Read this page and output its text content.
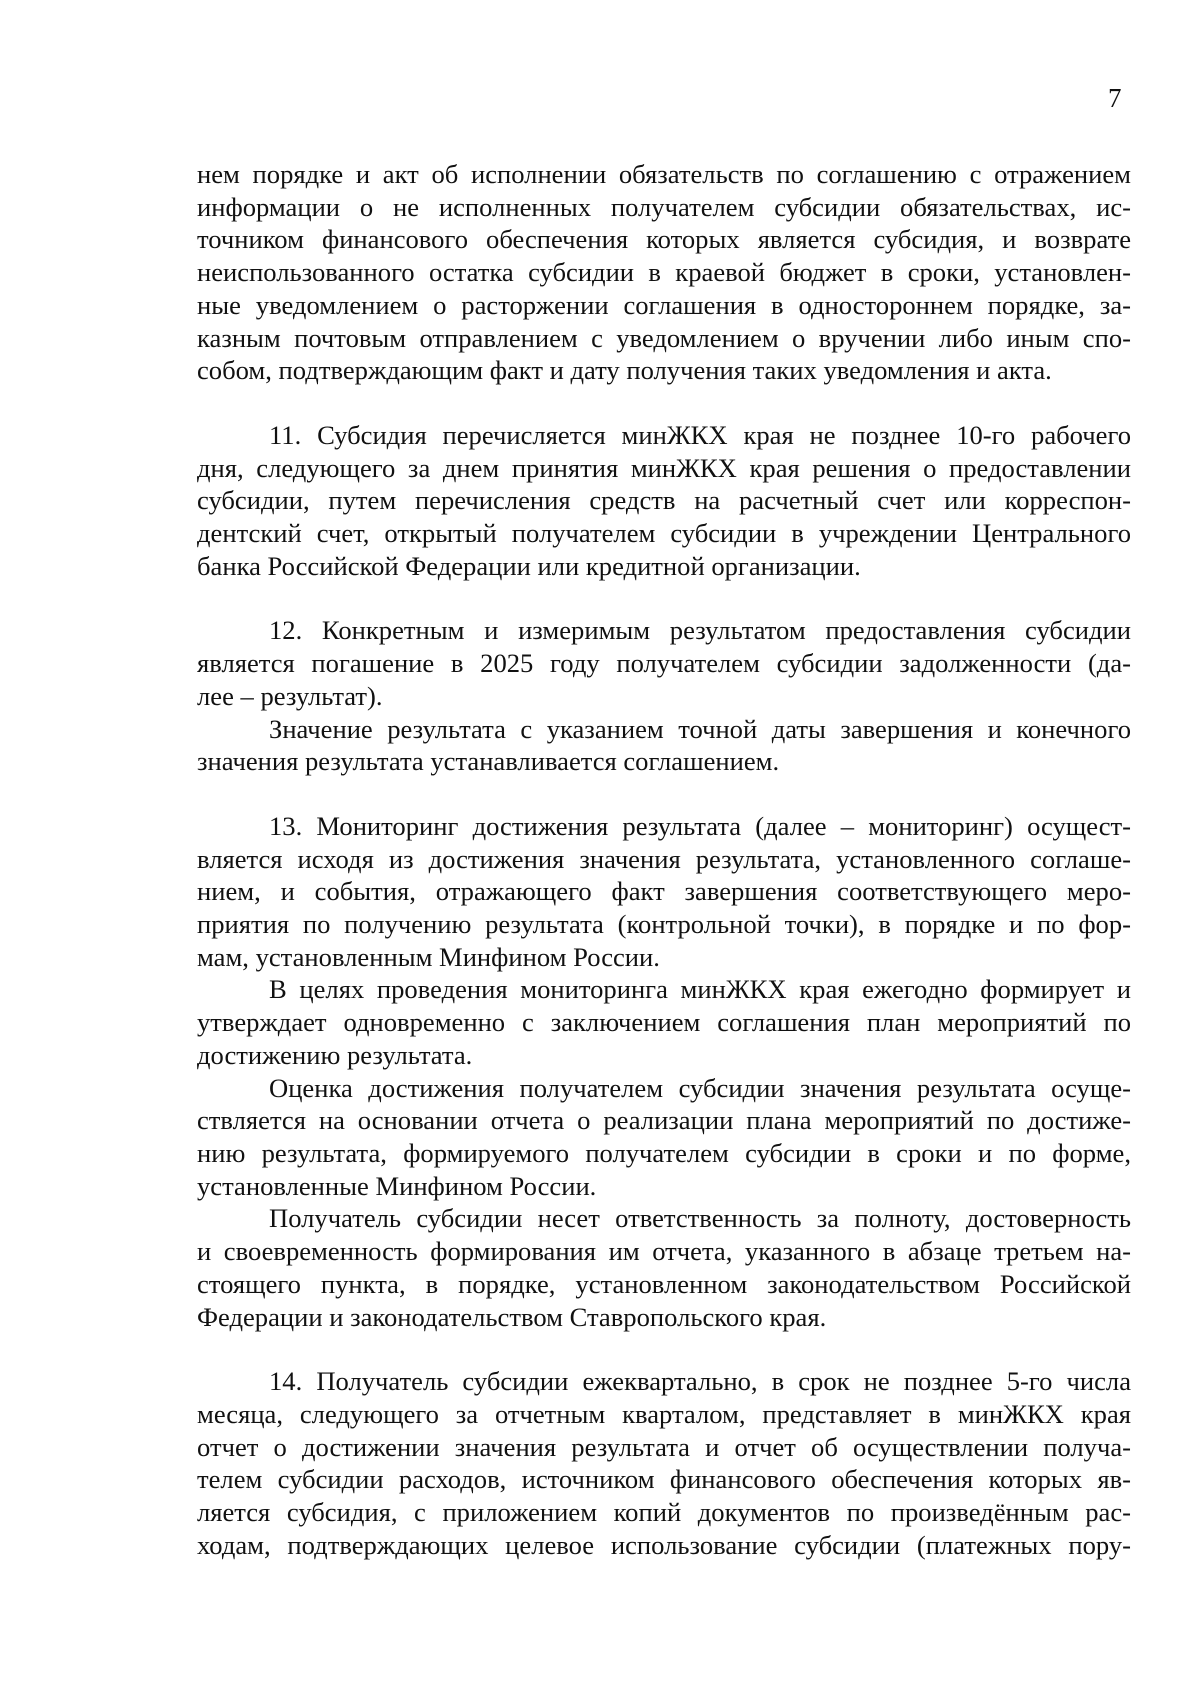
7

нем порядке и акт об исполнении обязательств по соглашению с отражением
информации о не исполненных получателем субсидии обязательствах, ис-
точником финансового обеспечения которых является субсидия, и возврате
неиспользованного остатка субсидии в краевой бюджет в сроки, установлен-
ные уведомлением о расторжении соглашения в одностороннем порядке, за-
казным почтовым отправлением с уведомлением о вручении либо иным спо-
собом, подтверждающим факт и дату получения таких уведомления и акта.

11. Субсидия перечисляется минЖКХ края не позднее 10-го рабочего
дня, следующего за днем принятия минЖКХ края решения о предоставлении
субсидии, путем перечисления средств на расчетный счет или корреспон-
дентский счет, открытый получателем субсидии в учреждении Центрального
банка Российской Федерации или кредитной организации.

12. Конкретным и измеримым результатом предоставления субсидии
является погашение в 2025 году получателем субсидии задолженности (да-
лее – результат).

Значение результата с указанием точной даты завершения и конечного
значения результата устанавливается соглашением.

13. Мониторинг достижения результата (далее – мониторинг) осущест-
вляется исходя из достижения значения результата, установленного соглаше-
нием, и события, отражающего факт завершения соответствующего меро-
приятия по получению результата (контрольной точки), в порядке и по фор-
мам, установленным Минфином России.

В целях проведения мониторинга минЖКХ края ежегодно формирует и
утверждает одновременно с заключением соглашения план мероприятий по
достижению результата.

Оценка достижения получателем субсидии значения результата осуще-
ствляется на основании отчета о реализации плана мероприятий по достиже-
нию результата, формируемого получателем субсидии в сроки и по форме,
установленные Минфином России.

Получатель субсидии несет ответственность за полноту, достоверность
и своевременность формирования им отчета, указанного в абзаце третьем на-
стоящего пункта, в порядке, установленном законодательством Российской
Федерации и законодательством Ставропольского края.

14. Получатель субсидии ежеквартально, в срок не позднее 5-го числа
месяца, следующего за отчетным кварталом, представляет в минЖКХ края
отчет о достижении значения результата и отчет об осуществлении получа-
телем субсидии расходов, источником финансового обеспечения которых яв-
ляется субсидия, с приложением копий документов по произведённым рас-
ходам, подтверждающих целевое использование субсидии (платежных пору-
